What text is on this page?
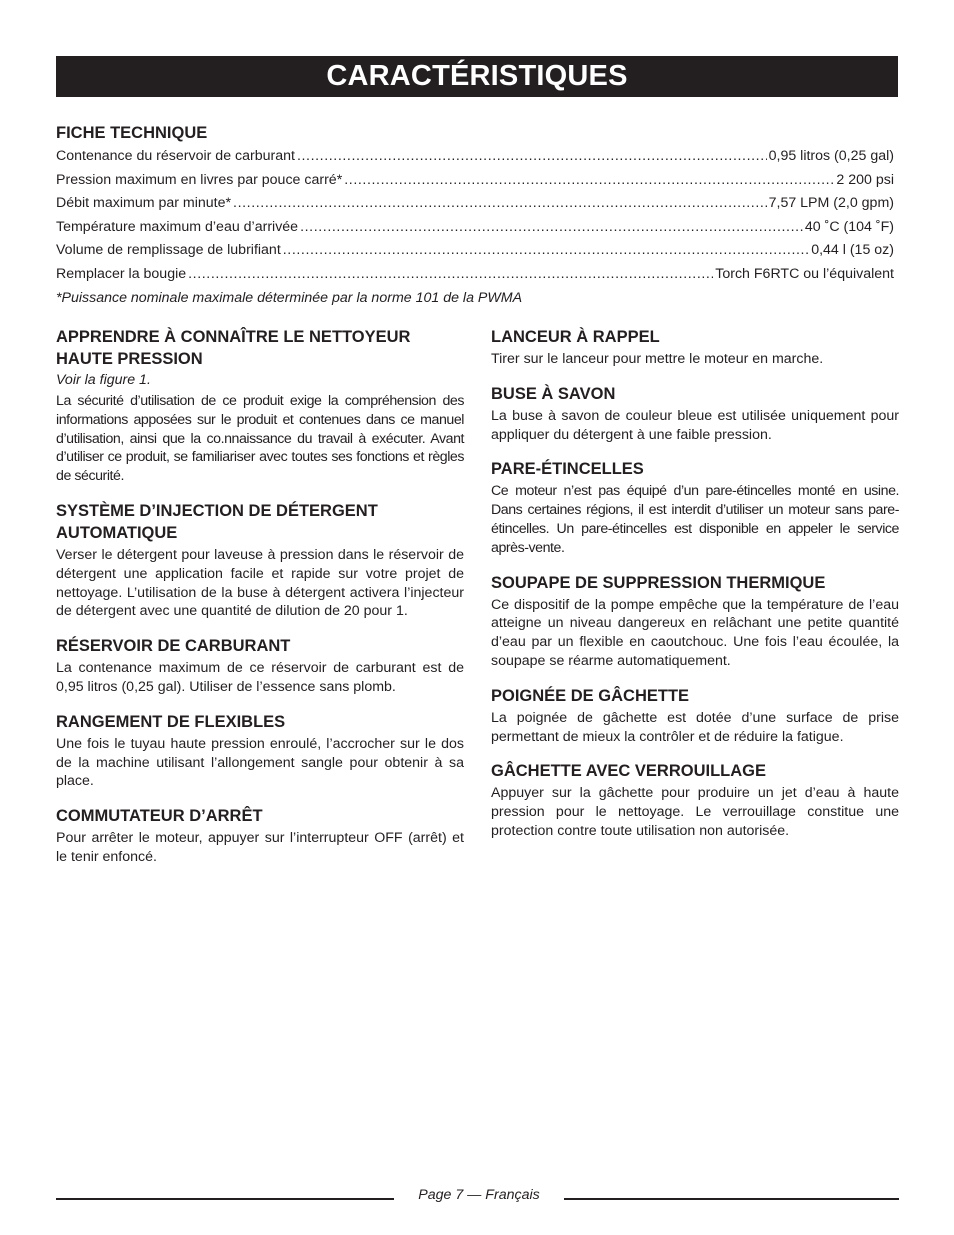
CARACTÉRISTIQUES
FICHE TECHNIQUE
Contenance du réservoir de carburant .....	0,95 litros (0,25 gal)
Pression maximum en livres par pouce carré* .....	2 200 psi
Débit maximum par minute* .....	7,57 LPM (2,0 gpm)
Température maximum d’eau d’arrivée .....	40 ˚C (104 ˚F)
Volume de remplissage de lubrifiant .....	0,44 l (15 oz)
Remplacer la bougie .....	Torch F6RTC ou l’équivalent
*Puissance nominale maximale déterminée par la norme 101 de la PWMA
APPRENDRE À CONNAÎTRE LE NETTOYEUR HAUTE PRESSION

Voir la figure 1.

La sécurité d’utilisation de ce produit exige la compréhension des informations apposées sur le produit et contenues dans ce manuel d’utilisation, ainsi que la co.nnaissance du travail à exécuter. Avant d’utiliser ce produit, se familiariser avec toutes ses fonctions et règles de sécurité.

SYSTÈME D’INJECTION DE DÉTERGENT AUTOMATIQUE

Verser le détergent pour laveuse à pression dans le réservoir de détergent une application facile et rapide sur votre projet de nettoyage. L’utilisation de la buse à détergent activera l’injecteur de détergent avec une quantité de dilution de 20 pour 1.

RÉSERVOIR DE CARBURANT

La contenance maximum de ce réservoir de carburant est de 0,95 litros (0,25 gal). Utiliser de l’essence sans plomb.

RANGEMENT DE FLEXIBLES

Une fois le tuyau haute pression enroulé, l’accrocher sur le dos de la machine utilisant l’allongement sangle pour obtenir à sa place.

COMMUTATEUR D’ARRÊT

Pour arrêter le moteur, appuyer sur l’interrupteur OFF (arrêt) et le tenir enfoncé.

LANCEUR À RAPPEL

Tirer sur le lanceur pour mettre le moteur en marche.

BUSE À SAVON

La buse à savon de couleur bleue est utilisée uniquement pour appliquer du détergent à une faible pression.

PARE-ÉTINCELLES

Ce moteur n’est pas équipé d’un pare-étincelles monté en usine. Dans certaines régions, il est interdit d’utiliser un moteur sans pare-étincelles. Un pare-étincelles est disponible en appeler le service après-vente.

SOUPAPE DE SUPPRESSION THERMIQUE

Ce dispositif de la pompe empêche que la température de l’eau atteigne un niveau dangereux en relâchant une petite quantité d’eau par un flexible en caoutchouc. Une fois l’eau écoulée, la soupape se réarme automatiquement.

POIGNÉE DE GÂCHETTE

La poignée de gâchette est dotée d’une surface de prise permettant de mieux la contrôler et de réduire la fatigue.

GÂCHETTE AVEC VERROUILLAGE

Appuyer sur la gâchette pour produire un jet d’eau à haute pression pour le nettoyage. Le verrouillage constitue une protection contre toute utilisation non autorisée.

Page 7 — Français
